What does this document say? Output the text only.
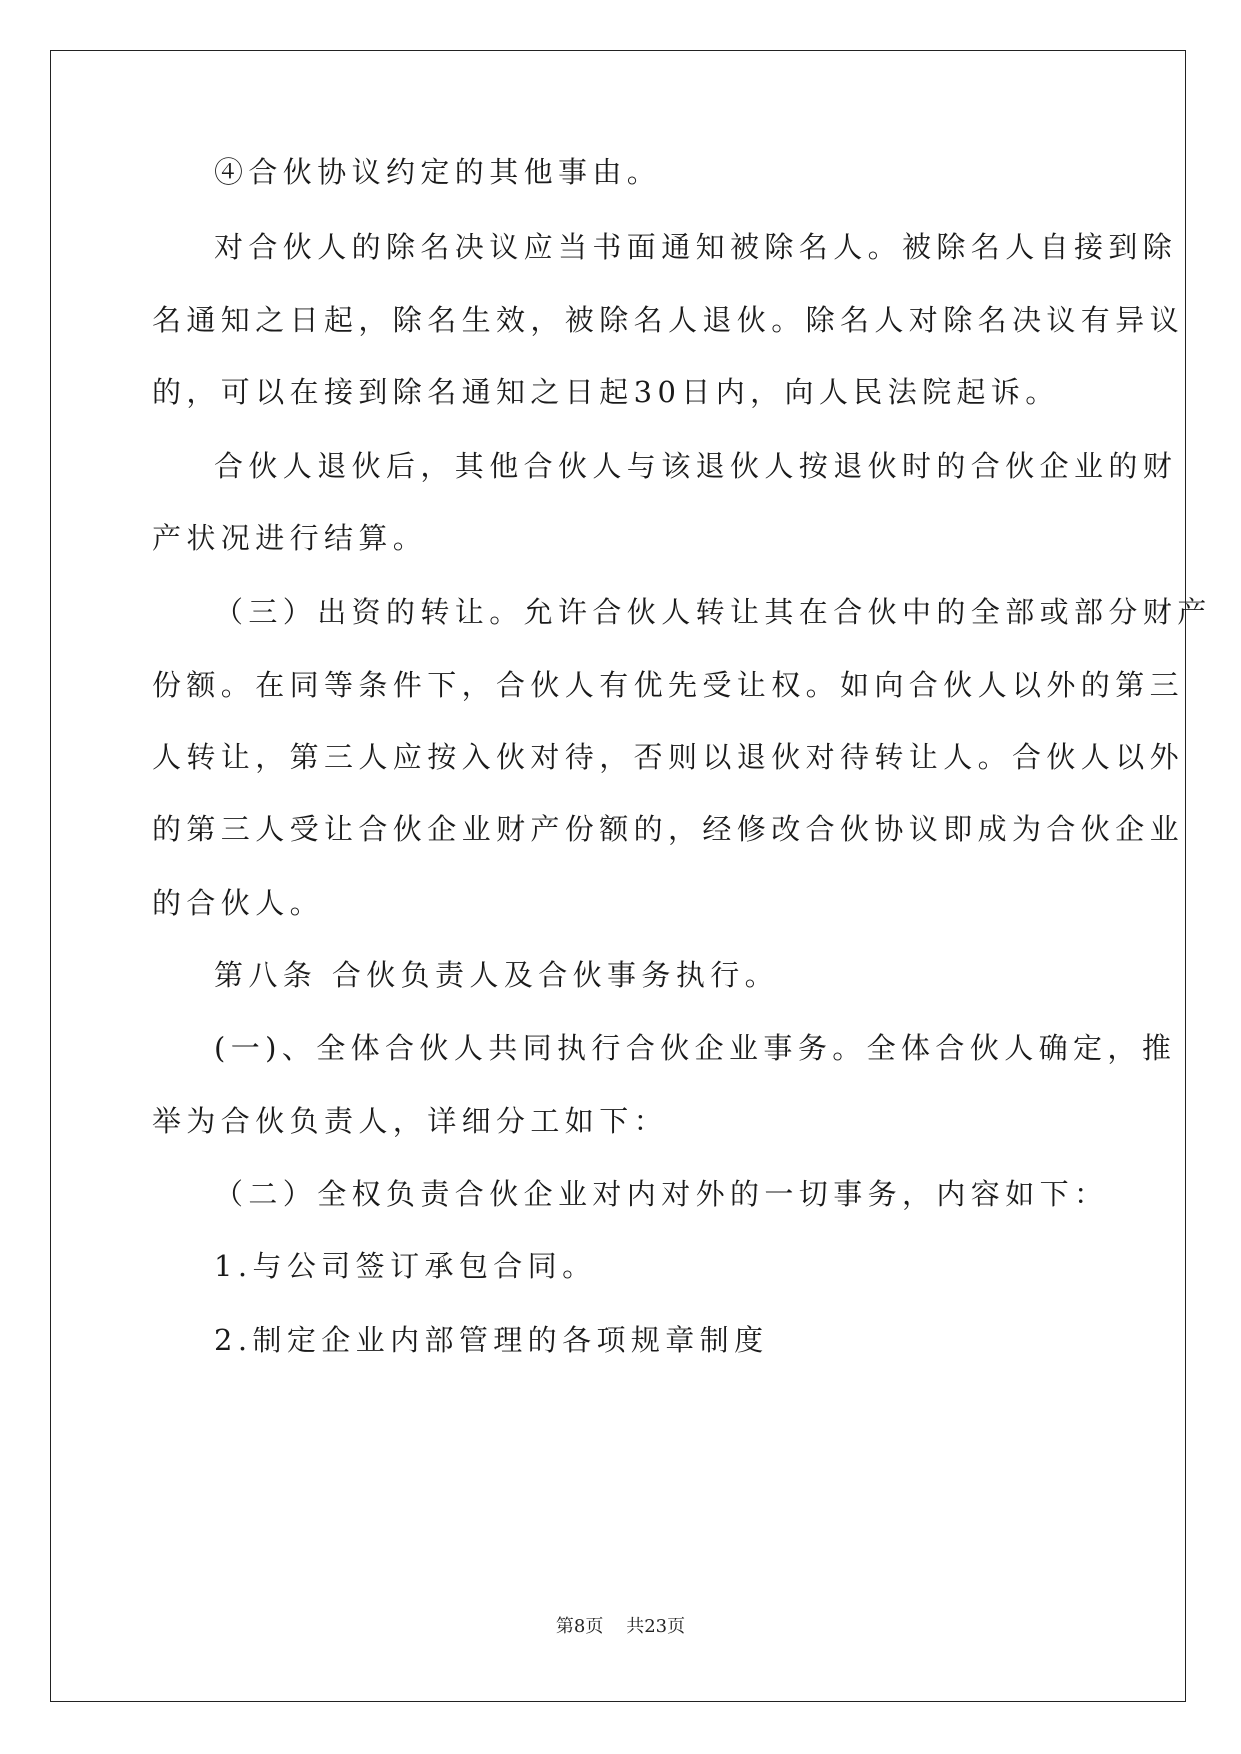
④合伙协议约定的其他事由。
对合伙人的除名决议应当书面通知被除名人。被除名人自接到除
名通知之日起，除名生效，被除名人退伙。除名人对除名决议有异议
的，可以在接到除名通知之日起30日内，向人民法院起诉。
合伙人退伙后，其他合伙人与该退伙人按退伙时的合伙企业的财
产状况进行结算。
（三）出资的转让。允许合伙人转让其在合伙中的全部或部分财产
份额。在同等条件下，合伙人有优先受让权。如向合伙人以外的第三
人转让，第三人应按入伙对待，否则以退伙对待转让人。合伙人以外
的第三人受让合伙企业财产份额的，经修改合伙协议即成为合伙企业
的合伙人。
第八条 合伙负责人及合伙事务执行。
(一)、全体合伙人共同执行合伙企业事务。全体合伙人确定，推
举为合伙负责人，详细分工如下：
（二）全权负责合伙企业对内对外的一切事务，内容如下：
1.与公司签订承包合同。
2.制定企业内部管理的各项规章制度
第8页    共23页
